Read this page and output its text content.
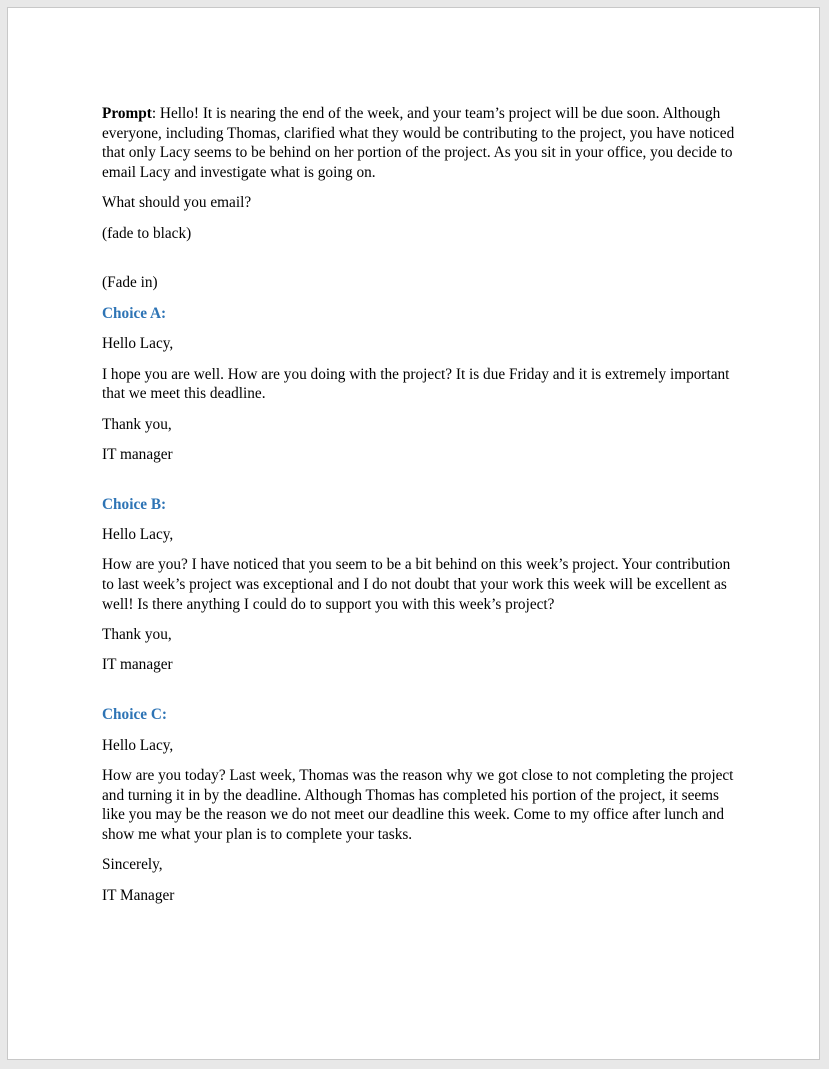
Prompt: Hello! It is nearing the end of the week, and your team’s project will be due soon. Although everyone, including Thomas, clarified what they would be contributing to the project, you have noticed that only Lacy seems to be behind on her portion of the project. As you sit in your office, you decide to email Lacy and investigate what is going on.

What should you email?

(fade to black)

(Fade in)

Choice A:

Hello Lacy,

I hope you are well. How are you doing with the project? It is due Friday and it is extremely important that we meet this deadline.

Thank you,

IT manager

Choice B:

Hello Lacy,

How are you? I have noticed that you seem to be a bit behind on this week’s project. Your contribution to last week’s project was exceptional and I do not doubt that your work this week will be excellent as well! Is there anything I could do to support you with this week’s project?

Thank you,

IT manager

Choice C:

Hello Lacy,

How are you today? Last week, Thomas was the reason why we got close to not completing the project and turning it in by the deadline. Although Thomas has completed his portion of the project, it seems like you may be the reason we do not meet our deadline this week. Come to my office after lunch and show me what your plan is to complete your tasks.

Sincerely,

IT Manager
